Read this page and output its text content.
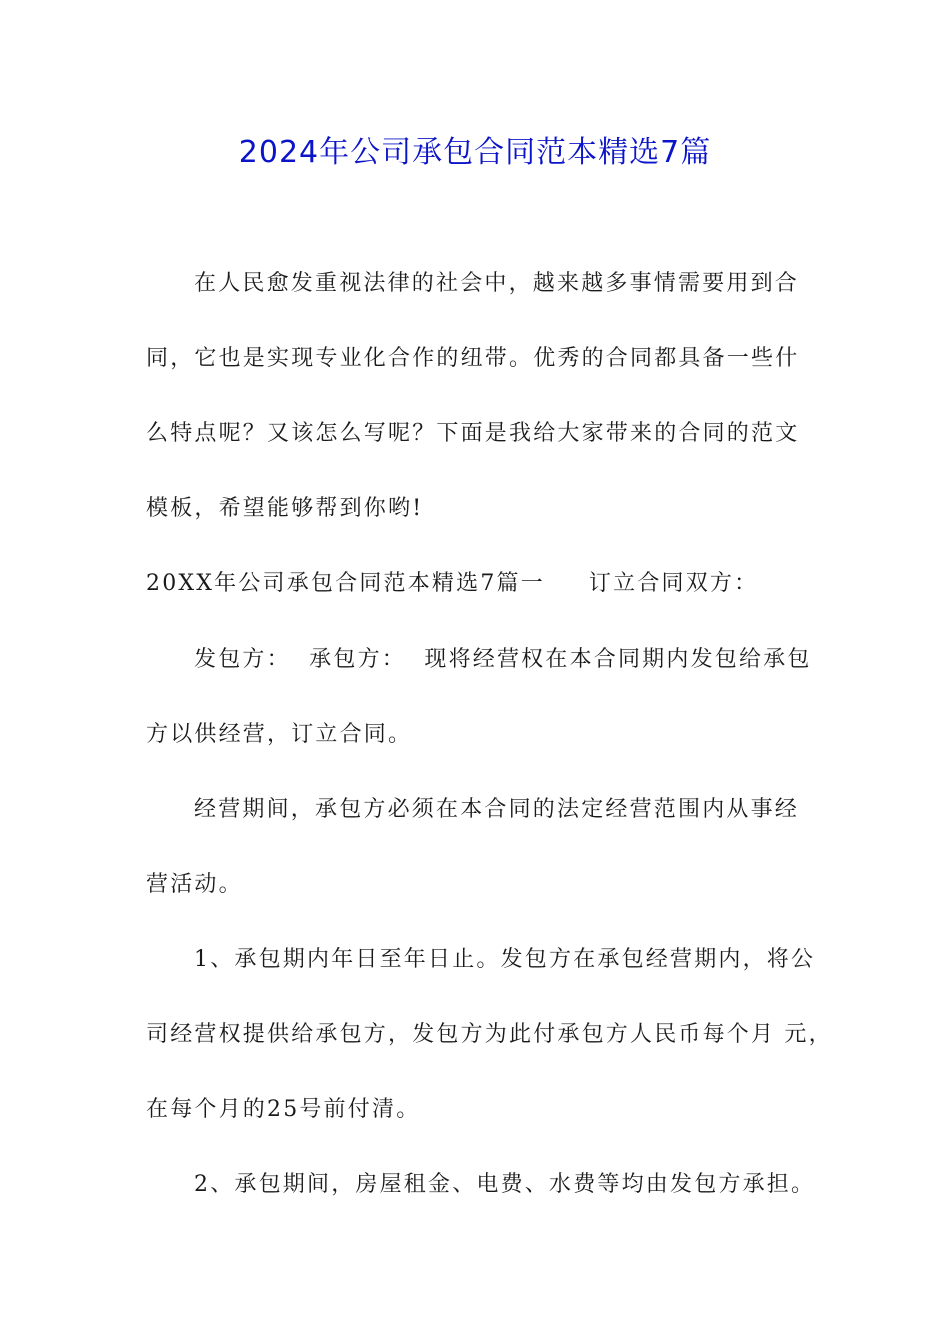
2024年公司承包合同范本精选7篇
在人民愈发重视法律的社会中，越来越多事情需要用到合
同，它也是实现专业化合作的纽带。优秀的合同都具备一些什
么特点呢？又该怎么写呢？下面是我给大家带来的合同的范文
模板，希望能够帮到你哟!
20XX年公司承包合同范本精选7篇一 订立合同双方：
发包方：  承包方：  现将经营权在本合同期内发包给承包
方以供经营，订立合同。
经营期间，承包方必须在本合同的法定经营范围内从事经
营活动。
1、承包期内年日至年日止。发包方在承包经营期内，将公
司经营权提供给承包方，发包方为此付承包方人民币每个月 元，
在每个月的25号前付清。
2、承包期间，房屋租金、电费、水费等均由发包方承担。
